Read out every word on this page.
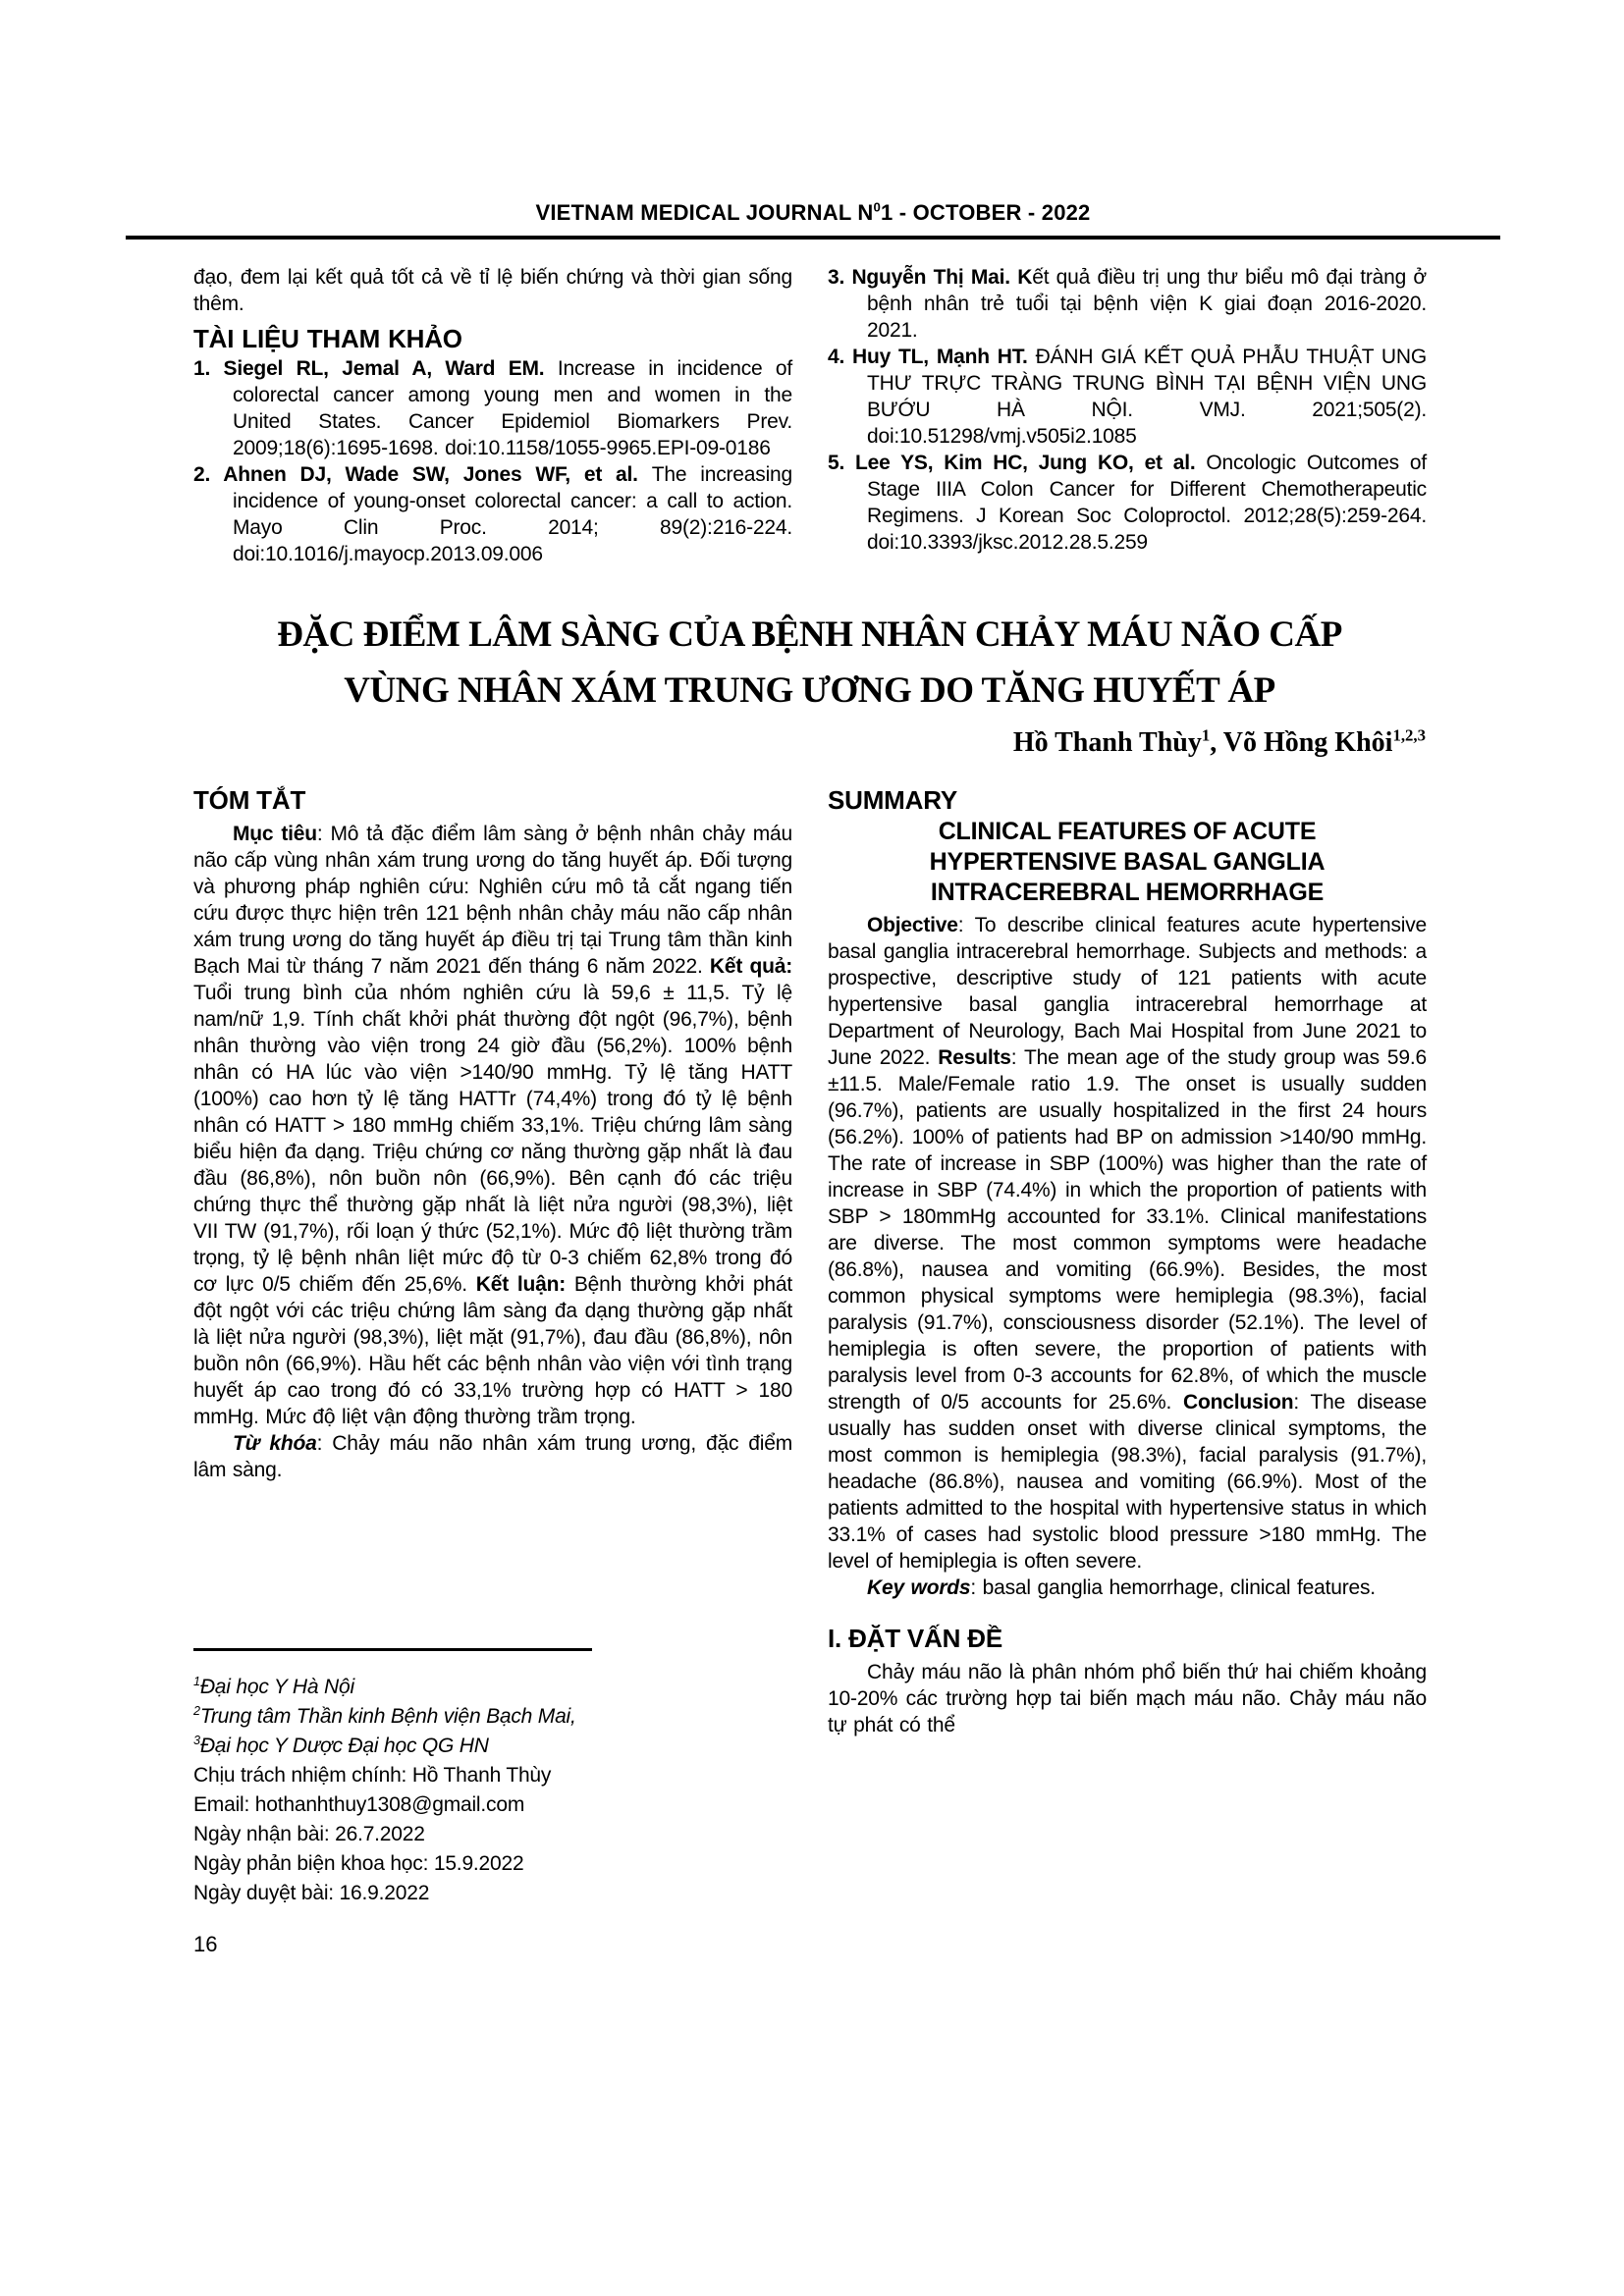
VIETNAM MEDICAL JOURNAL $N^01$ - OCTOBER - 2022
đạo, đem lại kết quả tốt cả về tỉ lệ biến chứng và thời gian sống thêm.
TÀI LIỆU THAM KHẢO
1. Siegel RL, Jemal A, Ward EM. Increase in incidence of colorectal cancer among young men and women in the United States. Cancer Epidemiol Biomarkers Prev. 2009;18(6):1695-1698. doi:10.1158/1055-9965.EPI-09-0186
2. Ahnen DJ, Wade SW, Jones WF, et al. The increasing incidence of young-onset colorectal cancer: a call to action. Mayo Clin Proc. 2014; 89(2):216-224. doi:10.1016/j.mayocp.2013.09.006
3. Nguyễn Thị Mai. Kết quả điều trị ung thư biểu mô đại tràng ở bệnh nhân trẻ tuổi tại bệnh viện K giai đoạn 2016-2020. 2021.
4. Huy TL, Mạnh HT. ĐÁNH GIÁ KẾT QUẢ PHẪU THUẬT UNG THƯ TRỰC TRÀNG TRUNG BÌNH TẠI BỆNH VIỆN UNG BƯỚU HÀ NỘI. VMJ. 2021;505(2). doi:10.51298/vmj.v505i2.1085
5. Lee YS, Kim HC, Jung KO, et al. Oncologic Outcomes of Stage IIIA Colon Cancer for Different Chemotherapeutic Regimens. J Korean Soc Coloproctol. 2012;28(5):259-264. doi:10.3393/jksc.2012.28.5.259
ĐẶC ĐIỂM LÂM SÀNG CỦA BỆNH NHÂN CHẢY MÁU NÃO CẤP
VÙNG NHÂN XÁM TRUNG ƯƠNG DO TĂNG HUYẾT ÁP
Hồ Thanh Thùy$^1$, Võ Hồng Khôi$^{1,2,3}$
TÓM TẮT
Mục tiêu: Mô tả đặc điểm lâm sàng ở bệnh nhân chảy máu não cấp vùng nhân xám trung ương do tăng huyết áp. Đối tượng và phương pháp nghiên cứu: Nghiên cứu mô tả cắt ngang tiến cứu được thực hiện trên 121 bệnh nhân chảy máu não cấp nhân xám trung ương do tăng huyết áp điều trị tại Trung tâm thần kinh Bạch Mai từ tháng 7 năm 2021 đến tháng 6 năm 2022. Kết quả: Tuổi trung bình của nhóm nghiên cứu là 59,6 ± 11,5. Tỷ lệ nam/nữ 1,9. Tính chất khởi phát thường đột ngột (96,7%), bệnh nhân thường vào viện trong 24 giờ đầu (56,2%). 100% bệnh nhân có HA lúc vào viện >140/90 mmHg. Tỷ lệ tăng HATT (100%) cao hơn tỷ lệ tăng HATTr (74,4%) trong đó tỷ lệ bệnh nhân có HATT > 180 mmHg chiếm 33,1%. Triệu chứng lâm sàng biểu hiện đa dạng. Triệu chứng cơ năng thường gặp nhất là đau đầu (86,8%), nôn buồn nôn (66,9%). Bên cạnh đó các triệu chứng thực thể thường gặp nhất là liệt nửa người (98,3%), liệt VII TW (91,7%), rối loạn ý thức (52,1%). Mức độ liệt thường trầm trọng, tỷ lệ bệnh nhân liệt mức độ từ 0-3 chiếm 62,8% trong đó cơ lực 0/5 chiếm đến 25,6%. Kết luận: Bệnh thường khởi phát đột ngột với các triệu chứng lâm sàng đa dạng thường gặp nhất là liệt nửa người (98,3%), liệt mặt (91,7%), đau đầu (86,8%), nôn buồn nôn (66,9%). Hầu hết các bệnh nhân vào viện với tình trạng huyết áp cao trong đó có 33,1% trường hợp có HATT > 180 mmHg. Mức độ liệt vận động thường trầm trọng.
Từ khóa: Chảy máu não nhân xám trung ương, đặc điểm lâm sàng.
$^1$Đại học Y Hà Nội
$^2$Trung tâm Thần kinh Bệnh viện Bạch Mai,
$^3$Đại học Y Dược Đại học QG HN
Chịu trách nhiệm chính: Hồ Thanh Thùy
Email: hothanhthuy1308@gmail.com
Ngày nhận bài: 26.7.2022
Ngày phản biện khoa học: 15.9.2022
Ngày duyệt bài: 16.9.2022
SUMMARY
CLINICAL FEATURES OF ACUTE
HYPERTENSIVE BASAL GANGLIA
INTRACEREBRAL HEMORRHAGE
Objective: To describe clinical features acute hypertensive basal ganglia intracerebral hemorrhage. Subjects and methods: a prospective, descriptive study of 121 patients with acute hypertensive basal ganglia intracerebral hemorrhage at Department of Neurology, Bach Mai Hospital from June 2021 to June 2022. Results: The mean age of the study group was 59.6 ±11.5. Male/Female ratio 1.9. The onset is usually sudden (96.7%), patients are usually hospitalized in the first 24 hours (56.2%). 100% of patients had BP on admission >140/90 mmHg. The rate of increase in SBP (100%) was higher than the rate of increase in SBP (74.4%) in which the proportion of patients with SBP > 180mmHg accounted for 33.1%. Clinical manifestations are diverse. The most common symptoms were headache (86.8%), nausea and vomiting (66.9%). Besides, the most common physical symptoms were hemiplegia (98.3%), facial paralysis (91.7%), consciousness disorder (52.1%). The level of hemiplegia is often severe, the proportion of patients with paralysis level from 0-3 accounts for 62.8%, of which the muscle strength of 0/5 accounts for 25.6%. Conclusion: The disease usually has sudden onset with diverse clinical symptoms, the most common is hemiplegia (98.3%), facial paralysis (91.7%), headache (86.8%), nausea and vomiting (66.9%). Most of the patients admitted to the hospital with hypertensive status in which 33.1% of cases had systolic blood pressure >180 mmHg. The level of hemiplegia is often severe.
Key words: basal ganglia hemorrhage, clinical features.
I. ĐẶT VẤN ĐỀ
Chảy máu não là phân nhóm phổ biến thứ hai chiếm khoảng 10-20% các trường hợp tai biến mạch máu não. Chảy máu não tự phát có thể
16
